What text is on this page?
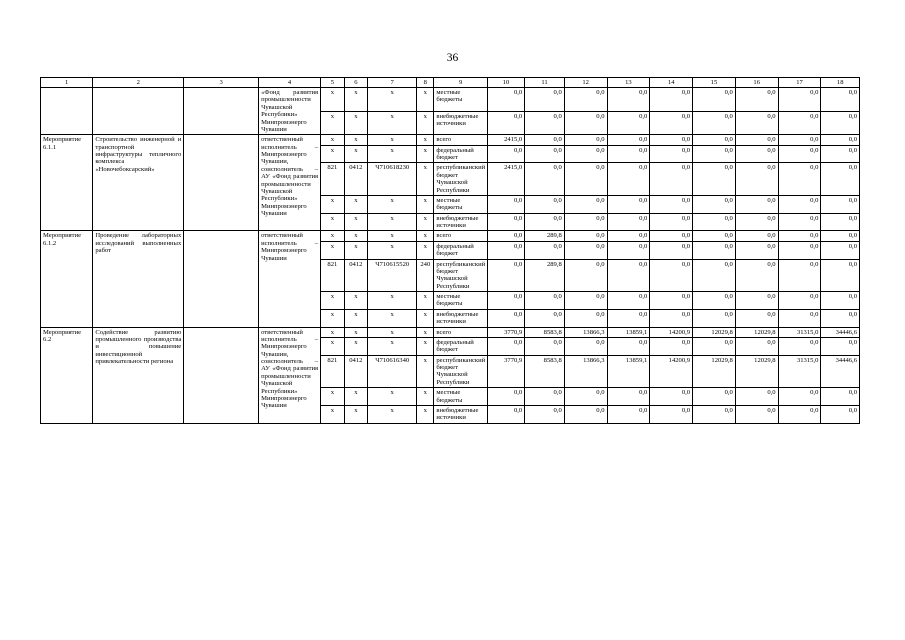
36
1	2	3	4	5	6	7	8	9	10	11	12	13	14	15	16	17	18
			«Фонд развития промышленности Чувашской Республики» Минпромэнерго Чувашии	х	х	х	х	местные бюджеты	0,0	0,0	0,0	0,0	0,0	0,0	0,0	0,0	0,0
				х	х	х	х	внебюджетные источники	0,0	0,0	0,0	0,0	0,0	0,0	0,0	0,0	0,0
Мероприятие 6.1.1	Строительство инженерной и транспортной инфраструктуры тепличного комплекса «Новочебоксарский»		ответственный исполнитель – Минпромэнерго Чувашии, соисполнитель – АУ «Фонд развития промышленности Чувашской Республики» Минпромэнерго Чувашии	х	х	х	х	всего	2415,0	0,0	0,0	0,0	0,0	0,0	0,0	0,0	0,0
				х	х	х	х	федеральный бюджет	0,0	0,0	0,0	0,0	0,0	0,0	0,0	0,0	0,0
				821	0412	Ч710618230	х	республиканский бюджет Чувашской Республики	2415,0	0,0	0,0	0,0	0,0	0,0	0,0	0,0	0,0
				х	х	х	х	местные бюджеты	0,0	0,0	0,0	0,0	0,0	0,0	0,0	0,0	0,0
				х	х	х	х	внебюджетные источники	0,0	0,0	0,0	0,0	0,0	0,0	0,0	0,0	0,0
Мероприятие 6.1.2	Проведение лабораторных исследований выполненных работ		ответственный исполнитель – Минпромэнерго Чувашии	х	х	х	х	всего	0,0	289,8	0,0	0,0	0,0	0,0	0,0	0,0	0,0
				х	х	х	х	федеральный бюджет	0,0	0,0	0,0	0,0	0,0	0,0	0,0	0,0	0,0
				821	0412	Ч710615520	240	республиканский бюджет Чувашской Республики	0,0	289,8	0,0	0,0	0,0	0,0	0,0	0,0	0,0
				х	х	х	х	местные бюджеты	0,0	0,0	0,0	0,0	0,0	0,0	0,0	0,0	0,0
				х	х	х	х	внебюджетные источники	0,0	0,0	0,0	0,0	0,0	0,0	0,0	0,0	0,0
Мероприятие 6.2	Содействие развитию промышленного производства и повышение инвестиционной привлекательности региона		ответственный исполнитель – Минпромэнерго Чувашии, соисполнитель – АУ «Фонд развития промышленности Чувашской Республики» Минпромэнерго Чувашии	х	х	х	х	всего	3770,9	8583,8	13866,3	13859,1	14200,9	12029,8	12029,8	31315,0	34446,6
				х	х	х	х	федеральный бюджет	0,0	0,0	0,0	0,0	0,0	0,0	0,0	0,0	0,0
				821	0412	Ч710616340	х	республиканский бюджет Чувашской Республики	3770,9	8583,8	13866,3	13859,1	14200,9	12029,8	12029,8	31315,0	34446,6
				х	х	х	х	местные бюджеты	0,0	0,0	0,0	0,0	0,0	0,0	0,0	0,0	0,0
				х	х	х	х	внебюджетные источники	0,0	0,0	0,0	0,0	0,0	0,0	0,0	0,0	0,0
